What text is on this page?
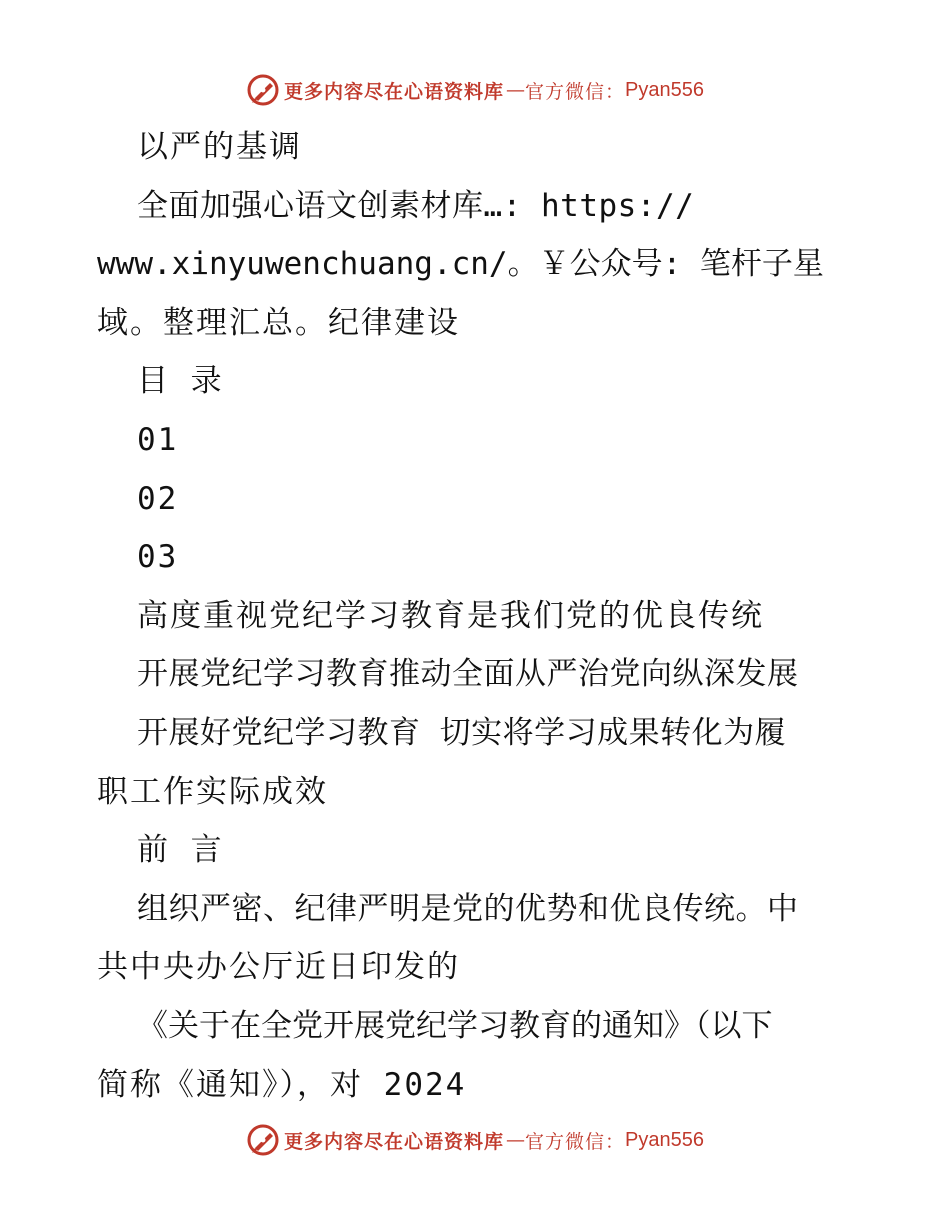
更多内容尽在心语资料库 — 官方微信： Pyan556
以严的基调
全面加强心语文创素材库…: https://
www.xinyuwenchuang.cn/。￥公众号: 笔杆子星
域。整理汇总。纪律建设
目 录
01
02
03
高度重视党纪学习教育是我们党的优良传统
开展党纪学习教育推动全面从严治党向纵深发展
开展好党纪学习教育 切实将学习成果转化为履
职工作实际成效
前 言
组织严密、纪律严明是党的优势和优良传统。中
共中央办公厅近日印发的
《关于在全党开展党纪学习教育的通知》（以下
简称《通知》），对 2024
更多内容尽在心语资料库 — 官方微信： Pyan556
